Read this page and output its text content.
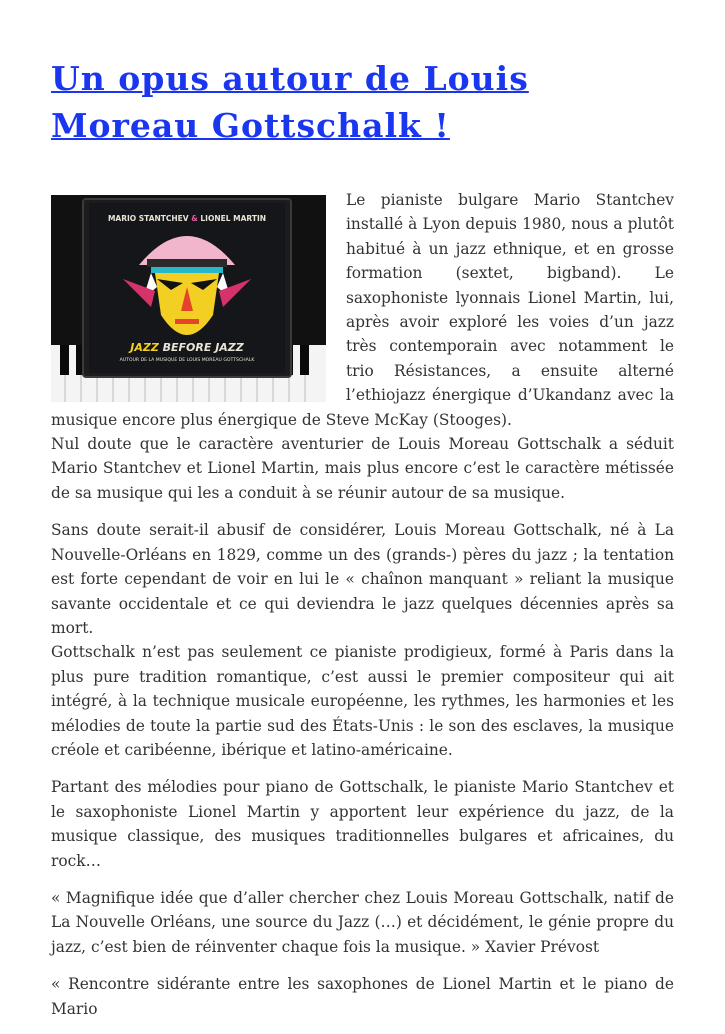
Un opus autour de Louis Moreau Gottschalk !
MARIO STANTCHEV & LIONEL MARTIN
JAZZ BEFORE JAZZ
AUTOUR DE LA MUSIQUE DE LOUIS MOREAU GOTTSCHALK

Le pianiste bulgare Mario Stantchev installé à Lyon depuis 1980, nous a plutôt habitué à un jazz ethnique, et en grosse formation (sextet, bigband). Le saxophoniste lyonnais Lionel Martin, lui, après avoir exploré les voies d’un jazz très contemporain avec notamment le trio Résistances, a ensuite alterné l’ethiojazz énergique d’Ukandanz avec la musique encore plus énergique de Steve McKay (Stooges).

Nul doute que le caractère aventurier de Louis Moreau Gottschalk a séduit Mario Stantchev et Lionel Martin, mais plus encore c’est le caractère métissée de sa musique qui les a conduit à se réunir autour de sa musique.

Sans doute serait-il abusif de considérer, Louis Moreau Gottschalk, né à La Nouvelle-Orléans en 1829, comme un des (grands-) pères du jazz ; la tentation est forte cependant de voir en lui le « chaînon manquant » reliant la musique savante occidentale et ce qui deviendra le jazz quelques décennies après sa mort.

Gottschalk n’est pas seulement ce pianiste prodigieux, formé à Paris dans la plus pure tradition romantique, c’est aussi le premier compositeur qui ait intégré, à la technique musicale européenne, les rythmes, les harmonies et les mélodies de toute la partie sud des États-Unis : le son des esclaves, la musique créole et caribéenne, ibérique et latino-américaine.

Partant des mélodies pour piano de Gottschalk, le pianiste Mario Stantchev et le saxophoniste Lionel Martin y apportent leur expérience du jazz, de la musique classique, des musiques traditionnelles bulgares et africaines, du rock…

« Magnifique idée que d’aller chercher chez Louis Moreau Gottschalk, natif de La Nouvelle Orléans, une source du Jazz (…) et décidément, le génie propre du jazz, c’est bien de réinventer chaque fois la musique. » Xavier Prévost

« Rencontre sidérante entre les saxophones de Lionel Martin et le piano de Mario
